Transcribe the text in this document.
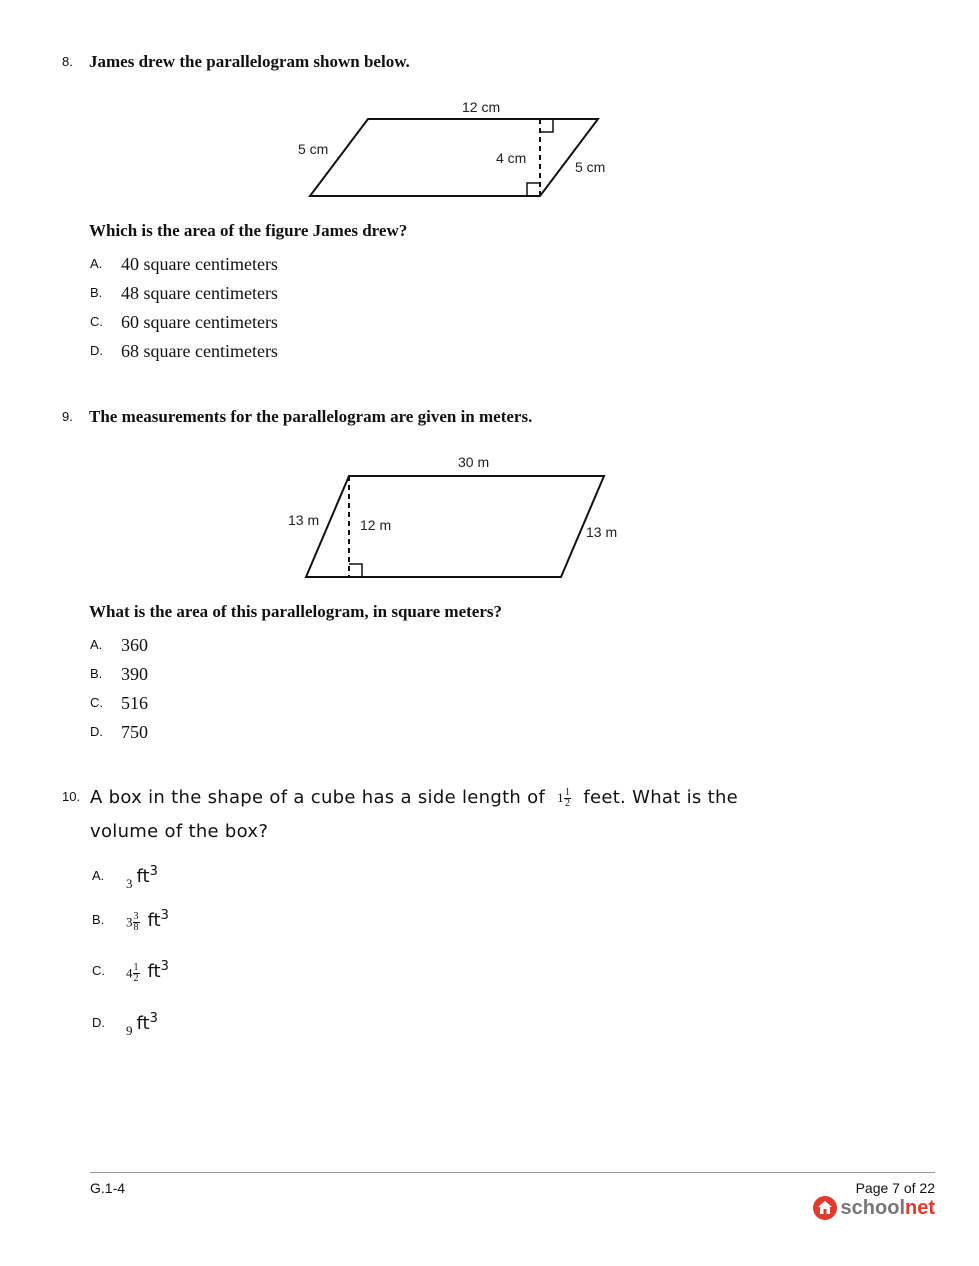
8. James drew the parallelogram shown below.
12 cm
5 cm
4 cm
5 cm
Which is the area of the figure James drew?
A. 40 square centimeters
B. 48 square centimeters
C. 60 square centimeters
D. 68 square centimeters
9. The measurements for the parallelogram are given in meters.
30 m
13 m	12 m	13 m
What is the area of this parallelogram, in square meters?
A. 360
B. 390
C. 516
D. 750
10. A box in the shape of a cube has a side length of $1 \frac{1}{2}$ feet. What is the
volume of the box?
A.
$_3$ $ft^3$
B. $3 \frac{3}{8} ft^3$
C. $4 \frac{1}{2} ft^3$
D.
$_9$ $ft^3$
G.1-4	Page 7 of 22
schoolnet
